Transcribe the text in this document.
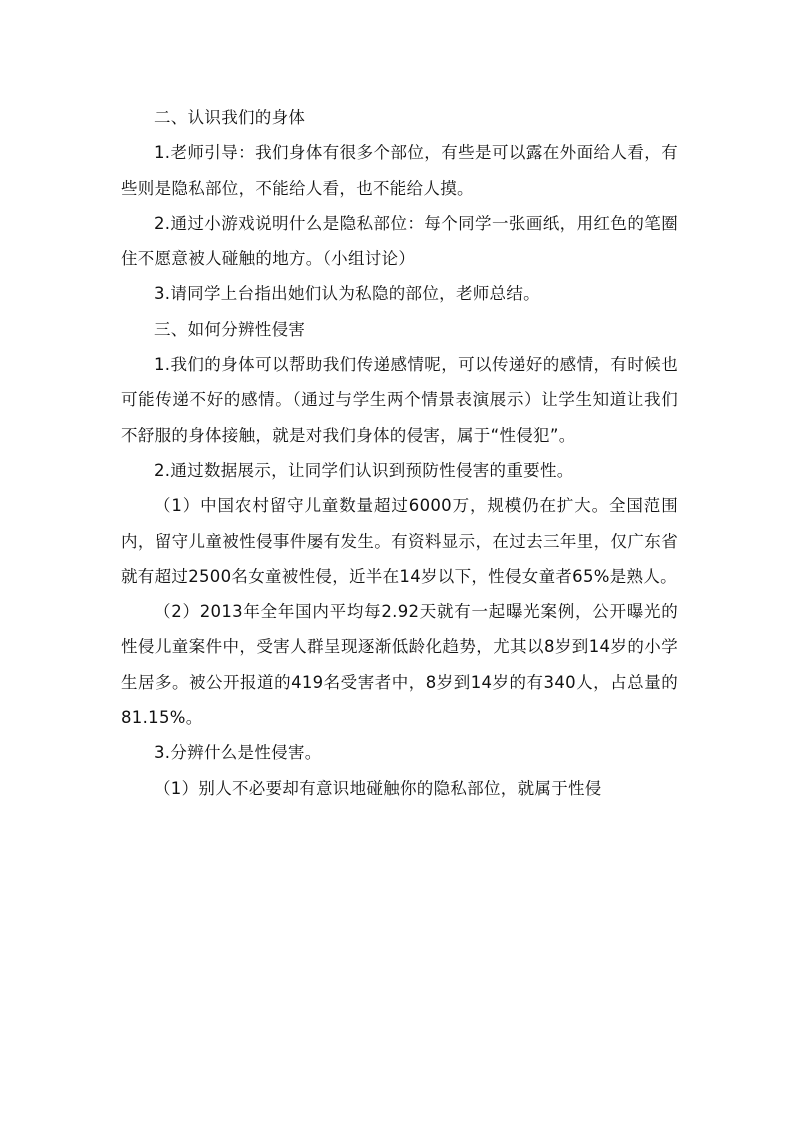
二、认识我们的身体

1.老师引导：我们身体有很多个部位，有些是可以露在外面给人看，有些则是隐私部位，不能给人看，也不能给人摸。

2.通过小游戏说明什么是隐私部位：每个同学一张画纸，用红色的笔圈住不愿意被人碰触的地方。（小组讨论）

3.请同学上台指出她们认为私隐的部位，老师总结。

三、如何分辨性侵害

1.我们的身体可以帮助我们传递感情呢，可以传递好的感情，有时候也可能传递不好的感情。（通过与学生两个情景表演展示）让学生知道让我们不舒服的身体接触，就是对我们身体的侵害，属于“性侵犯”。

2.通过数据展示，让同学们认识到预防性侵害的重要性。

（1）中国农村留守儿童数量超过6000万，规模仍在扩大。全国范围内，留守儿童被性侵事件屡有发生。有资料显示，在过去三年里，仅广东省就有超过2500名女童被性侵，近半在14岁以下，性侵女童者65%是熟人。

（2）2013年全年国内平均每2.92天就有一起曝光案例，公开曝光的性侵儿童案件中，受害人群呈现逐渐低龄化趋势，尤其以8岁到14岁的小学生居多。被公开报道的419名受害者中，8岁到14岁的有340人，占总量的81.15%。

3.分辨什么是性侵害。

（1）别人不必要却有意识地碰触你的隐私部位，就属于性侵
